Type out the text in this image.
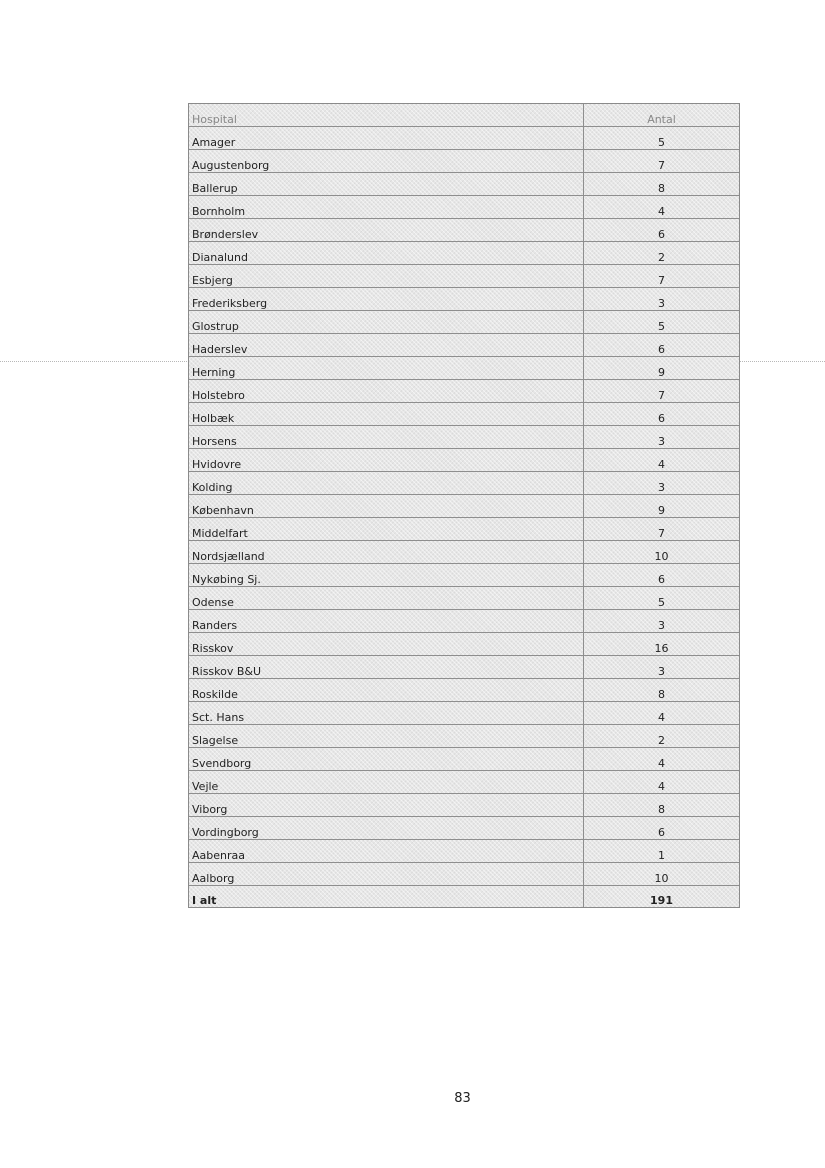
Hospital	Antal
Amager	5
Augustenborg	7
Ballerup	8
Bornholm	4
Brønderslev	6
Dianalund	2
Esbjerg	7
Frederiksberg	3
Glostrup	5
Haderslev	6
Herning	9
Holstebro	7
Holbæk	6
Horsens	3
Hvidovre	4
Kolding	3
København	9
Middelfart	7
Nordsjælland	10
Nykøbing Sj.	6
Odense	5
Randers	3
Risskov	16
Risskov B&U	3
Roskilde	8
Sct. Hans	4
Slagelse	2
Svendborg	4
Vejle	4
Viborg	8
Vordingborg	6
Aabenraa	1
Aalborg	10
I alt	191
83
